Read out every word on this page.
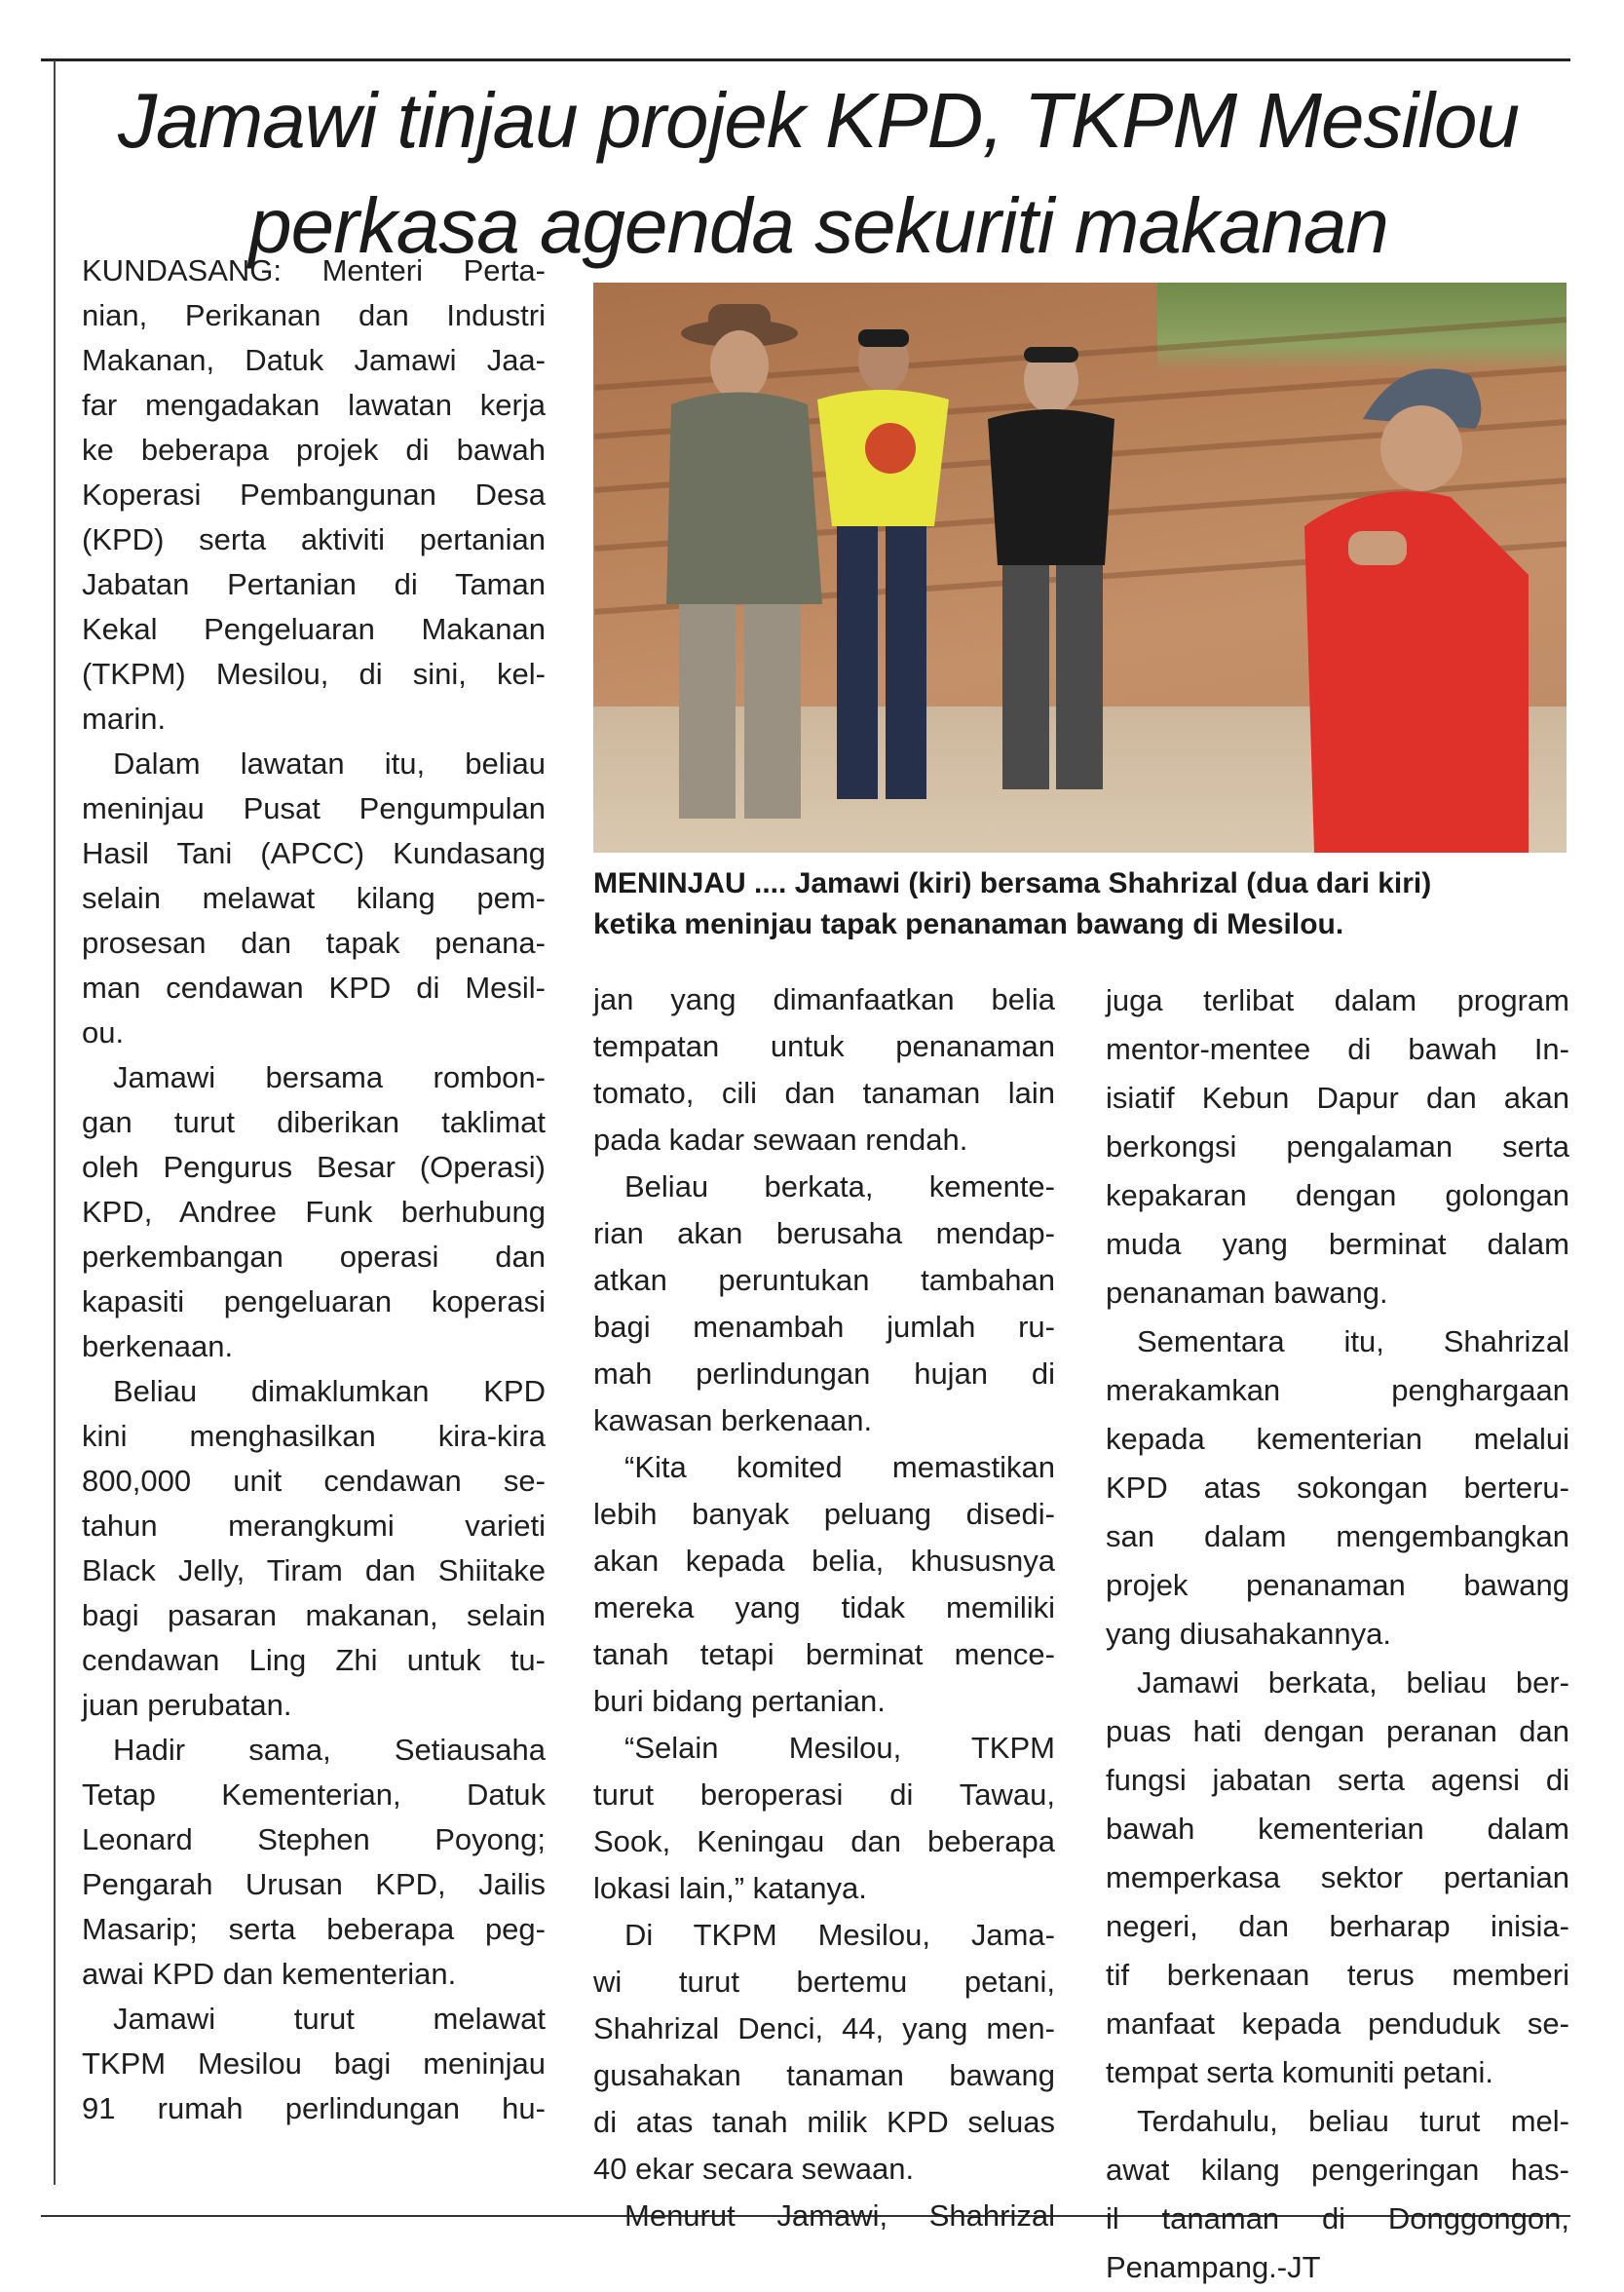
Jamawi tinjau projek KPD, TKPM Mesilou
perkasa agenda sekuriti makanan
MENINJAU .... Jamawi (kiri) bersama Shahrizal (dua dari kiri)
ketika meninjau tapak penanaman bawang di Mesilou.
KUNDASANG: Menteri Perta-
nian, Perikanan dan Industri
Makanan, Datuk Jamawi Jaa-
far mengadakan lawatan kerja
ke beberapa projek di bawah
Koperasi Pembangunan Desa
(KPD) serta aktiviti pertanian
Jabatan Pertanian di Taman
Kekal Pengeluaran Makanan
(TKPM) Mesilou, di sini, kel-
marin.
Dalam lawatan itu, beliau
meninjau Pusat Pengumpulan
Hasil Tani (APCC) Kundasang
selain melawat kilang pem-
prosesan dan tapak penana-
man cendawan KPD di Mesil-
ou.
Jamawi bersama rombon-
gan turut diberikan taklimat
oleh Pengurus Besar (Operasi)
KPD, Andree Funk berhubung
perkembangan operasi dan
kapasiti pengeluaran koperasi
berkenaan.
Beliau dimaklumkan KPD
kini menghasilkan kira-kira
800,000 unit cendawan se-
tahun merangkumi varieti
Black Jelly, Tiram dan Shiitake
bagi pasaran makanan, selain
cendawan Ling Zhi untuk tu-
juan perubatan.
Hadir sama, Setiausaha
Tetap Kementerian, Datuk
Leonard Stephen Poyong;
Pengarah Urusan KPD, Jailis
Masarip; serta beberapa peg-
awai KPD dan kementerian.
Jamawi turut melawat
TKPM Mesilou bagi meninjau
91 rumah perlindungan hu-
jan yang dimanfaatkan belia
tempatan untuk penanaman
tomato, cili dan tanaman lain
pada kadar sewaan rendah.
Beliau berkata, kemente-
rian akan berusaha mendap-
atkan peruntukan tambahan
bagi menambah jumlah ru-
mah perlindungan hujan di
kawasan berkenaan.
“Kita komited memastikan
lebih banyak peluang disedi-
akan kepada belia, khususnya
mereka yang tidak memiliki
tanah tetapi berminat mence-
buri bidang pertanian.
“Selain Mesilou, TKPM
turut beroperasi di Tawau,
Sook, Keningau dan beberapa
lokasi lain,” katanya.
Di TKPM Mesilou, Jama-
wi turut bertemu petani,
Shahrizal Denci, 44, yang men-
gusahakan tanaman bawang
di atas tanah milik KPD seluas
40 ekar secara sewaan.
Menurut Jamawi, Shahrizal
juga terlibat dalam program
mentor-mentee di bawah In-
isiatif Kebun Dapur dan akan
berkongsi pengalaman serta
kepakaran dengan golongan
muda yang berminat dalam
penanaman bawang.
Sementara itu, Shahrizal
merakamkan penghargaan
kepada kementerian melalui
KPD atas sokongan berteru-
san dalam mengembangkan
projek penanaman bawang
yang diusahakannya.
Jamawi berkata, beliau ber-
puas hati dengan peranan dan
fungsi jabatan serta agensi di
bawah kementerian dalam
memperkasa sektor pertanian
negeri, dan berharap inisia-
tif berkenaan terus memberi
manfaat kepada penduduk se-
tempat serta komuniti petani.
Terdahulu, beliau turut mel-
awat kilang pengeringan has-
il tanaman di Donggongon,
Penampang.-JT
